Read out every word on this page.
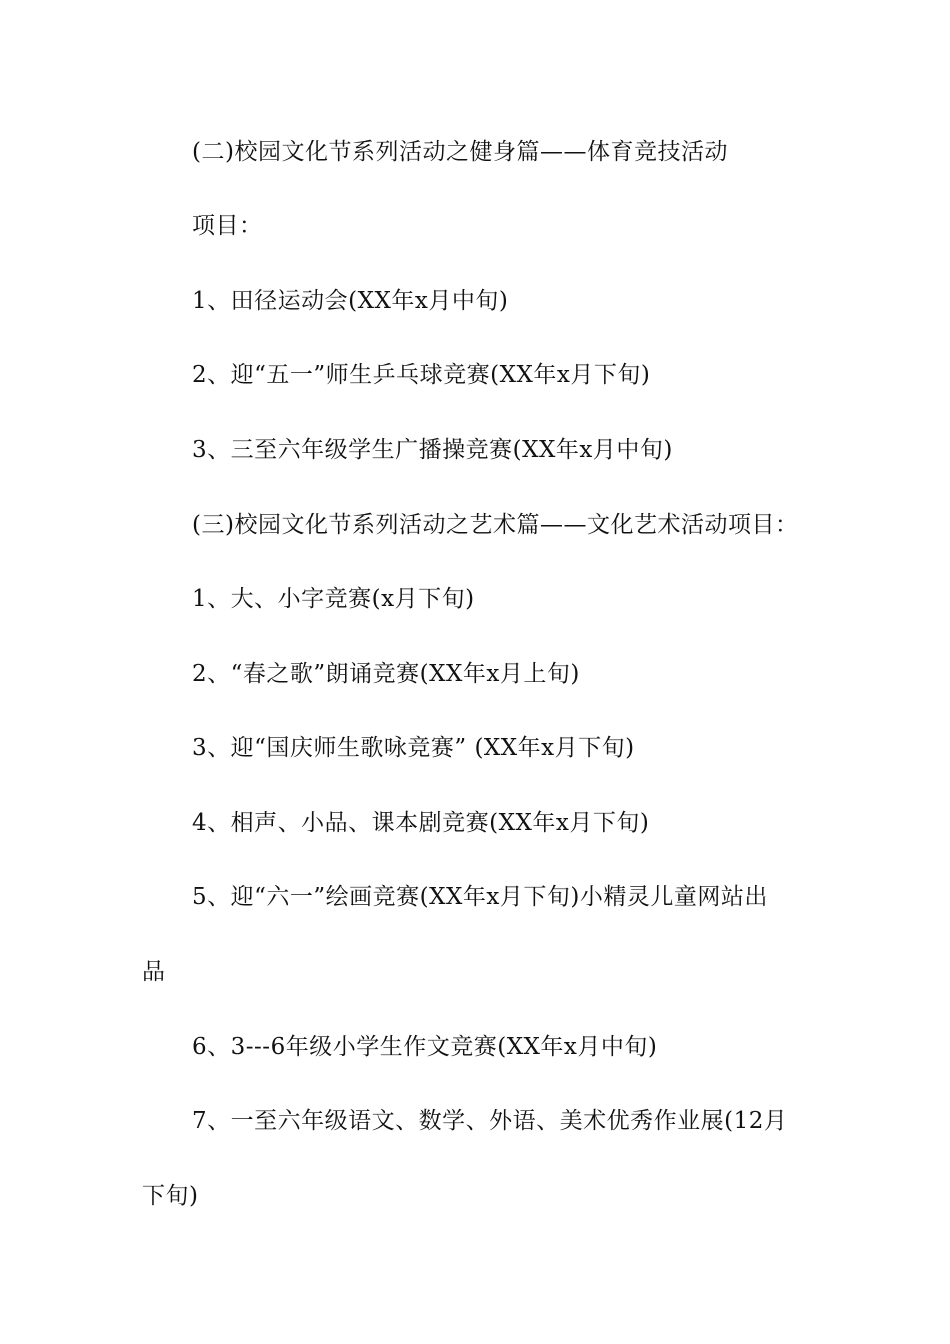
(二)校园文化节系列活动之健身篇——体育竞技活动
项目：
1、田径运动会(XX年x月中旬)
2、迎“五一”师生乒乓球竞赛(XX年x月下旬)
3、三至六年级学生广播操竞赛(XX年x月中旬)
(三)校园文化节系列活动之艺术篇——文化艺术活动项目：
1、大、小字竞赛(x月下旬)
2、“春之歌”朗诵竞赛(XX年x月上旬)
3、迎“国庆师生歌咏竞赛” (XX年x月下旬)
4、相声、小品、课本剧竞赛(XX年x月下旬)
5、迎“六一”绘画竞赛(XX年x月下旬)小精灵儿童网站出
品
6、3---6年级小学生作文竞赛(XX年x月中旬)
7、一至六年级语文、数学、外语、美术优秀作业展(12月
下旬)
